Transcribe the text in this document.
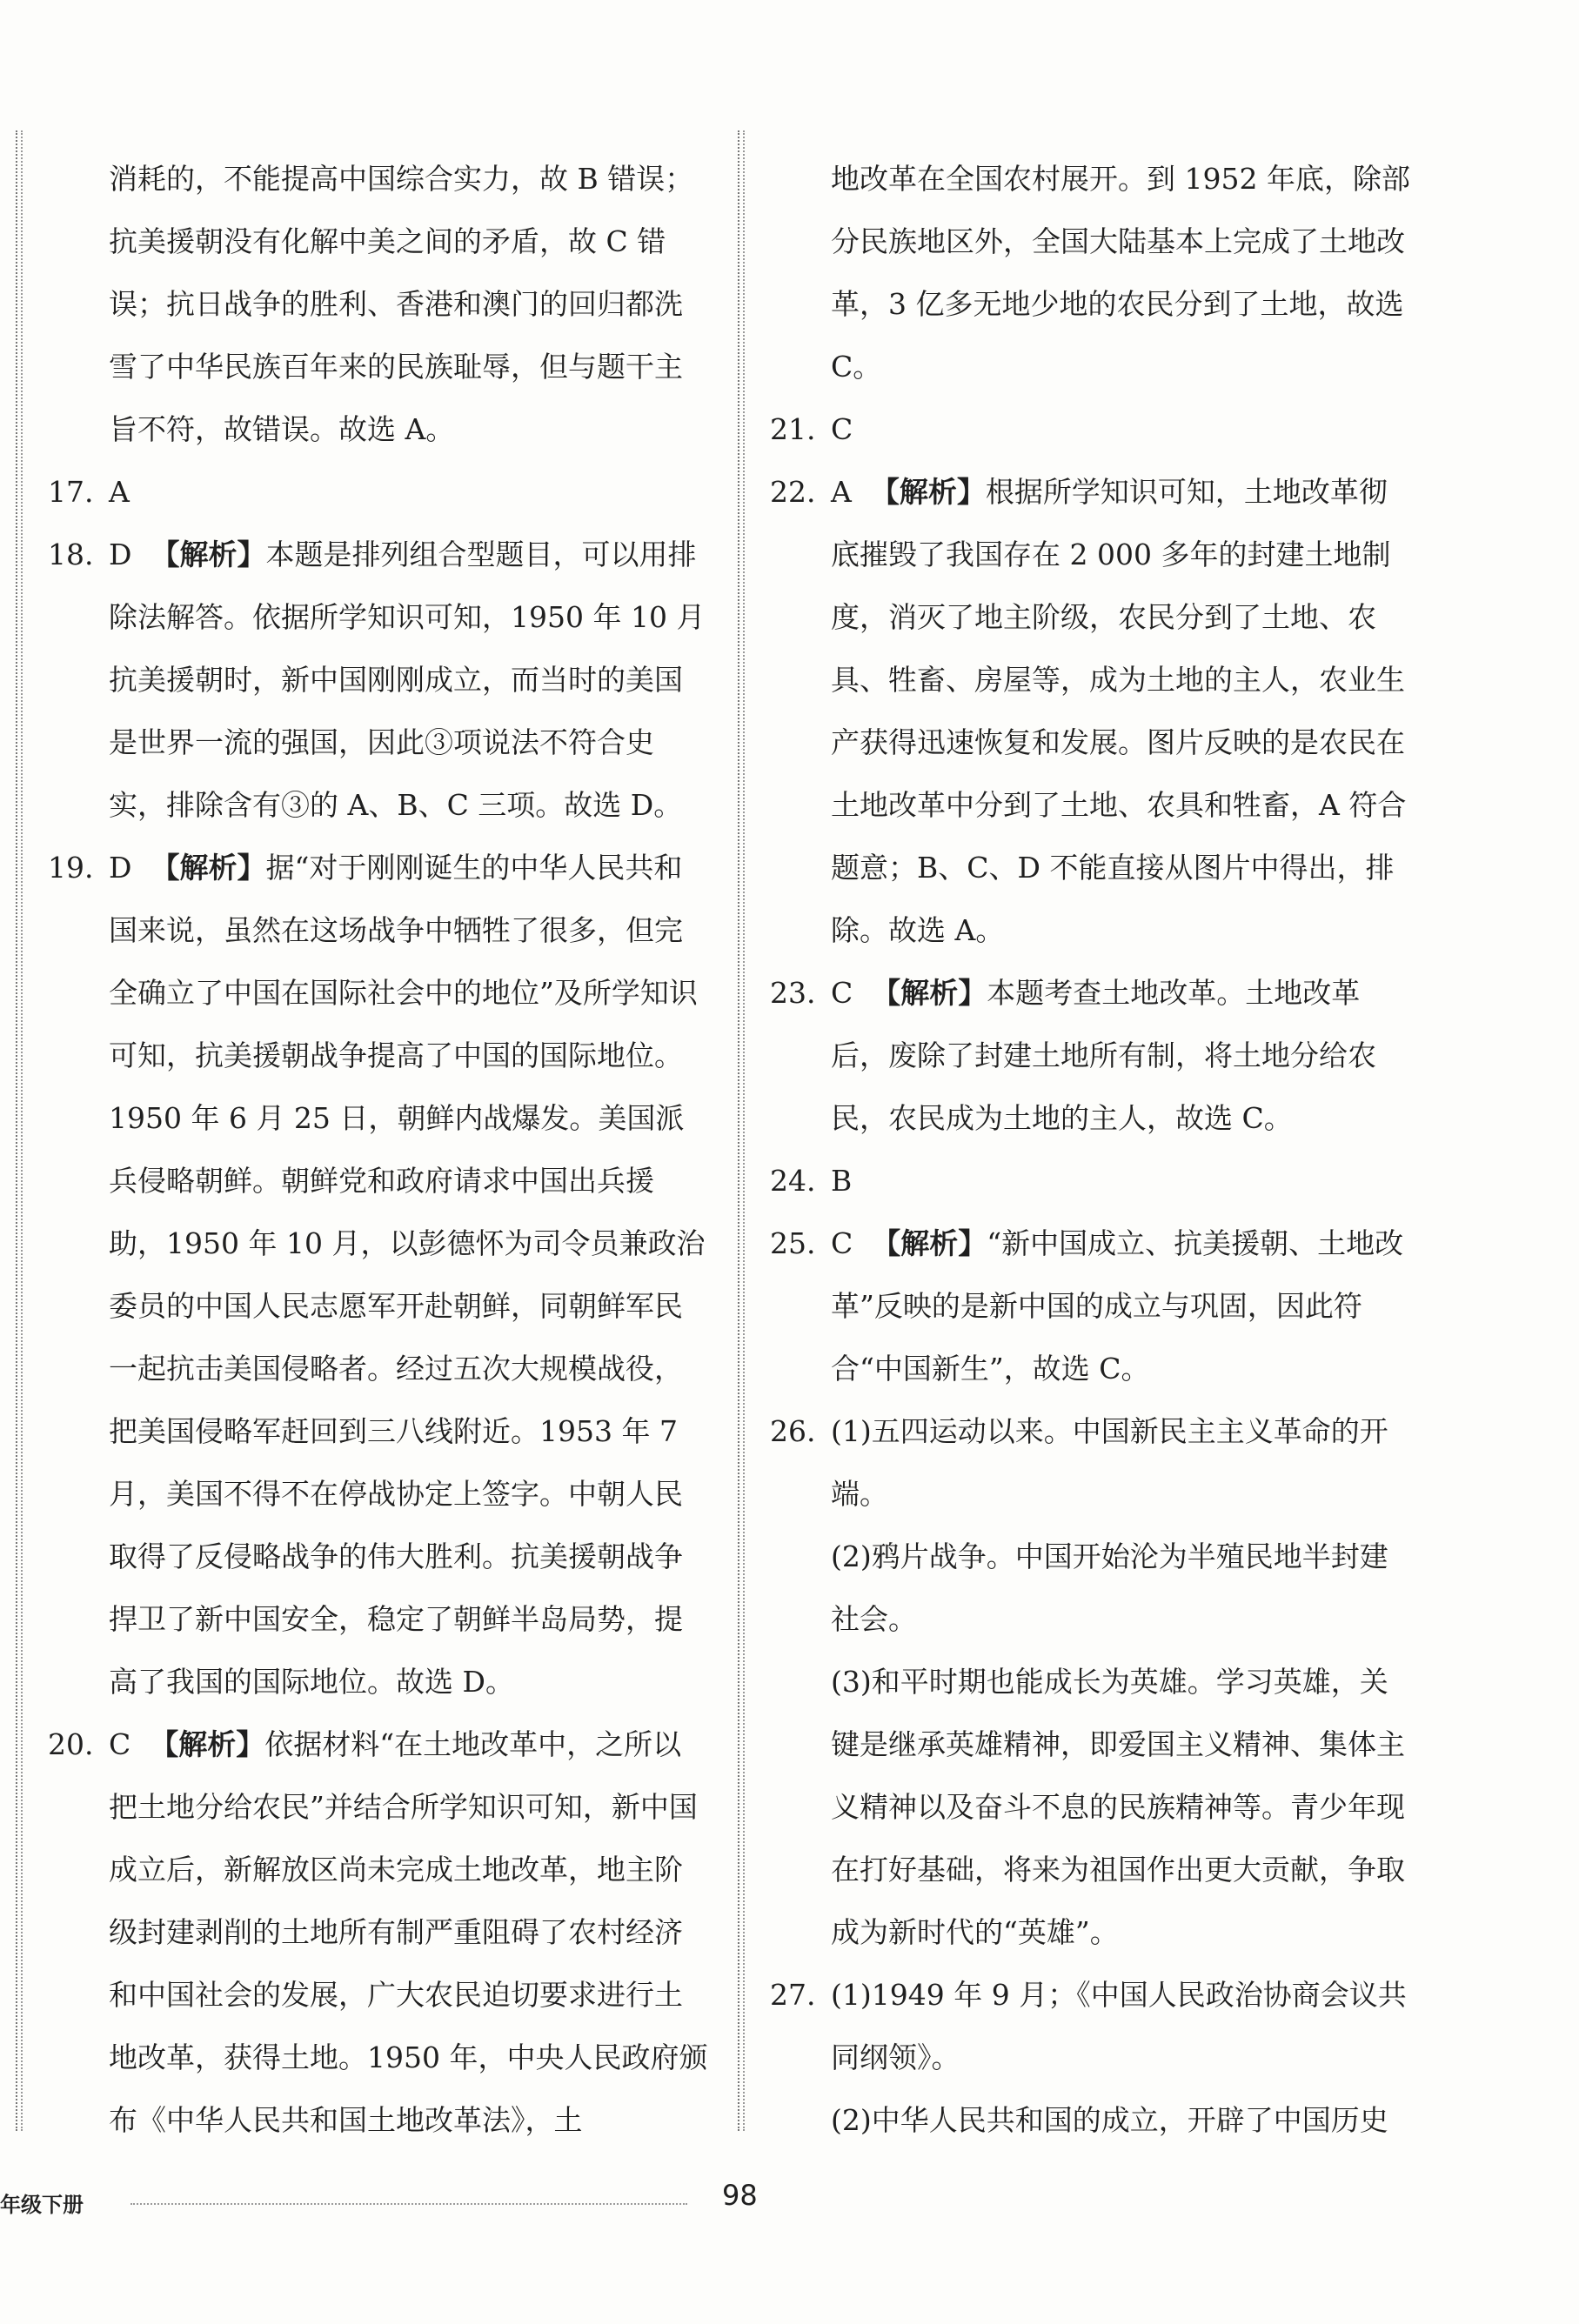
消耗的，不能提高中国综合实力，故 B 错误；抗美援朝没有化解中美之间的矛盾，故 C 错误；抗日战争的胜利、香港和澳门的回归都洗雪了中华民族百年来的民族耻辱，但与题干主旨不符，故错误。故选 A。

17. A

18. D 【解析】本题是排列组合型题目，可以用排除法解答。依据所学知识可知，1950 年 10 月抗美援朝时，新中国刚刚成立，而当时的美国是世界一流的强国，因此③项说法不符合史实，排除含有③的 A、B、C 三项。故选 D。

19. D 【解析】据“对于刚刚诞生的中华人民共和国来说，虽然在这场战争中牺牲了很多，但完全确立了中国在国际社会中的地位”及所学知识可知，抗美援朝战争提高了中国的国际地位。1950 年 6 月 25 日，朝鲜内战爆发。美国派兵侵略朝鲜。朝鲜党和政府请求中国出兵援助，1950 年 10 月，以彭德怀为司令员兼政治委员的中国人民志愿军开赴朝鲜，同朝鲜军民一起抗击美国侵略者。经过五次大规模战役，把美国侵略军赶回到三八线附近。1953 年 7 月，美国不得不在停战协定上签字。中朝人民取得了反侵略战争的伟大胜利。抗美援朝战争捍卫了新中国安全，稳定了朝鲜半岛局势，提高了我国的国际地位。故选 D。

20. C 【解析】依据材料“在土地改革中，之所以把土地分给农民”并结合所学知识可知，新中国成立后，新解放区尚未完成土地改革，地主阶级封建剥削的土地所有制严重阻碍了农村经济和中国社会的发展，广大农民迫切要求进行土地改革，获得土地。1950 年，中央人民政府颁布《中华人民共和国土地改革法》，土

地改革在全国农村展开。到 1952 年底，除部分民族地区外，全国大陆基本上完成了土地改革，3 亿多无地少地的农民分到了土地，故选 C。

21. C

22. A 【解析】根据所学知识可知，土地改革彻底摧毁了我国存在 2 000 多年的封建土地制度，消灭了地主阶级，农民分到了土地、农具、牲畜、房屋等，成为土地的主人，农业生产获得迅速恢复和发展。图片反映的是农民在土地改革中分到了土地、农具和牲畜，A 符合题意；B、C、D 不能直接从图片中得出，排除。故选 A。

23. C 【解析】本题考查土地改革。土地改革后，废除了封建土地所有制，将土地分给农民，农民成为土地的主人，故选 C。

24. B

25. C 【解析】“新中国成立、抗美援朝、土地改革”反映的是新中国的成立与巩固，因此符合“中国新生”，故选 C。

26. (1)五四运动以来。中国新民主主义革命的开端。
(2)鸦片战争。中国开始沦为半殖民地半封建社会。
(3)和平时期也能成长为英雄。学习英雄，关键是继承英雄精神，即爱国主义精神、集体主义精神以及奋斗不息的民族精神等。青少年现在打好基础，将来为祖国作出更大贡献，争取成为新时代的“英雄”。
27. (1)1949 年 9 月；《中国人民政治协商会议共同纲领》。
(2)中华人民共和国的成立，开辟了中国历史
年级下册	98
